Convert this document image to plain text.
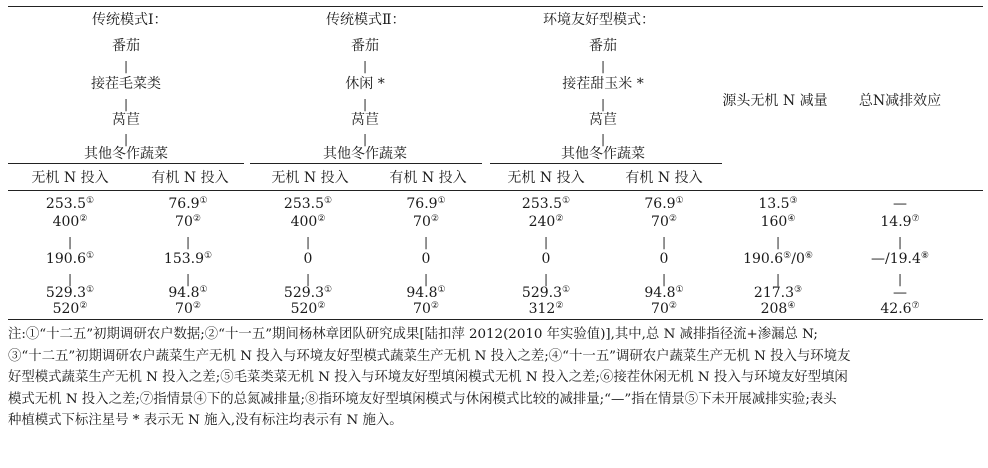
传统模式Ⅰ：
番茄
|
接茬毛菜类
|
莴苣
|
其他冬作蔬菜
传统模式Ⅱ：
番茄
|
休闲 *
|
莴苣
|
其他冬作蔬菜
环境友好型模式：
番茄
|
接茬甜玉米 *
|
莴苣
|
其他冬作蔬菜
源头无机 N 减量 总N减排效应
无机 N 投入	有机 N 投入	无机 N 投入	有机 N 投入	无机 N 投入	有机 N 投入
253.5①	76.9①	253.5①	76.9①	253.5①	76.9①	13.5③	—
400②	70②	400②	70②	240②	70②	160④	14.9⑦
|	|	|	|	|	|	|	|
190.6①	153.9①	0	0	0	0	190.6⑤/0⑥	—/19.4⑧
|	|	|	|	|	|	|	|
529.3①	94.8①	529.3①	94.8①	529.3①	94.8①	217.3③	—
520②	70②	520②	70②	312②	70②	208④	42.6⑦

注:①“十二五”初期调研农户数据;②“十一五”期间杨林章团队研究成果[陆扣萍 2012(2010 年实验值)],其中,总 N 减排指径流+渗漏总 N;

③“十二五”初期调研农户蔬菜生产无机 N 投入与环境友好型模式蔬菜生产无机 N 投入之差;④“十一五”调研农户蔬菜生产无机 N 投入与环境友

好型模式蔬菜生产无机 N 投入之差;⑤毛菜类菜无机 N 投入与环境友好型填闲模式无机 N 投入之差;⑥接茬休闲无机 N 投入与环境友好型填闲

模式无机 N 投入之差;⑦指情景④下的总氮减排量;⑧指环境友好型填闲模式与休闲模式比较的减排量;“—”指在情景⑤下未开展减排实验;表头

种植模式下标注星号 * 表示无 N 施入,没有标注均表示有 N 施入。
